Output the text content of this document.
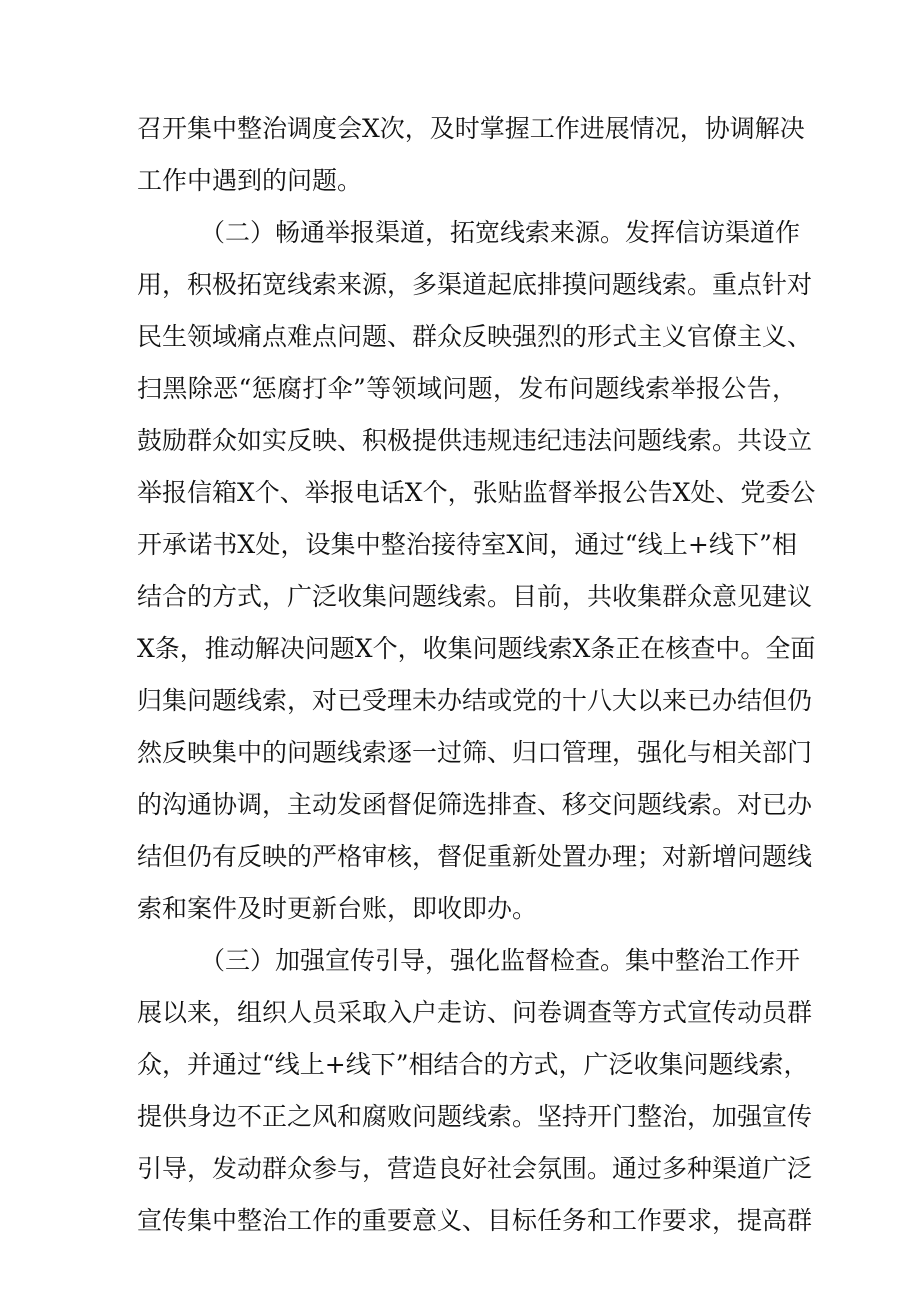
召开集中整治调度会X次，及时掌握工作进展情况，协调解决
工作中遇到的问题。
（二）畅通举报渠道，拓宽线索来源。发挥信访渠道作
用，积极拓宽线索来源，多渠道起底排摸问题线索。重点针对
民生领域痛点难点问题、群众反映强烈的形式主义官僚主义、
扫黑除恶“惩腐打伞”等领域问题，发布问题线索举报公告，
鼓励群众如实反映、积极提供违规违纪违法问题线索。共设立
举报信箱X个、举报电话X个，张贴监督举报公告X处、党委公
开承诺书X处，设集中整治接待室X间，通过“线上+线下”相
结合的方式，广泛收集问题线索。目前，共收集群众意见建议
X条，推动解决问题X个，收集问题线索X条正在核查中。全面
归集问题线索，对已受理未办结或党的十八大以来已办结但仍
然反映集中的问题线索逐一过筛、归口管理，强化与相关部门
的沟通协调，主动发函督促筛选排查、移交问题线索。对已办
结但仍有反映的严格审核，督促重新处置办理；对新增问题线
索和案件及时更新台账，即收即办。
（三）加强宣传引导，强化监督检查。集中整治工作开
展以来，组织人员采取入户走访、问卷调查等方式宣传动员群
众，并通过“线上+线下”相结合的方式，广泛收集问题线索，
提供身边不正之风和腐败问题线索。坚持开门整治，加强宣传
引导，发动群众参与，营造良好社会氛围。通过多种渠道广泛
宣传集中整治工作的重要意义、目标任务和工作要求，提高群
